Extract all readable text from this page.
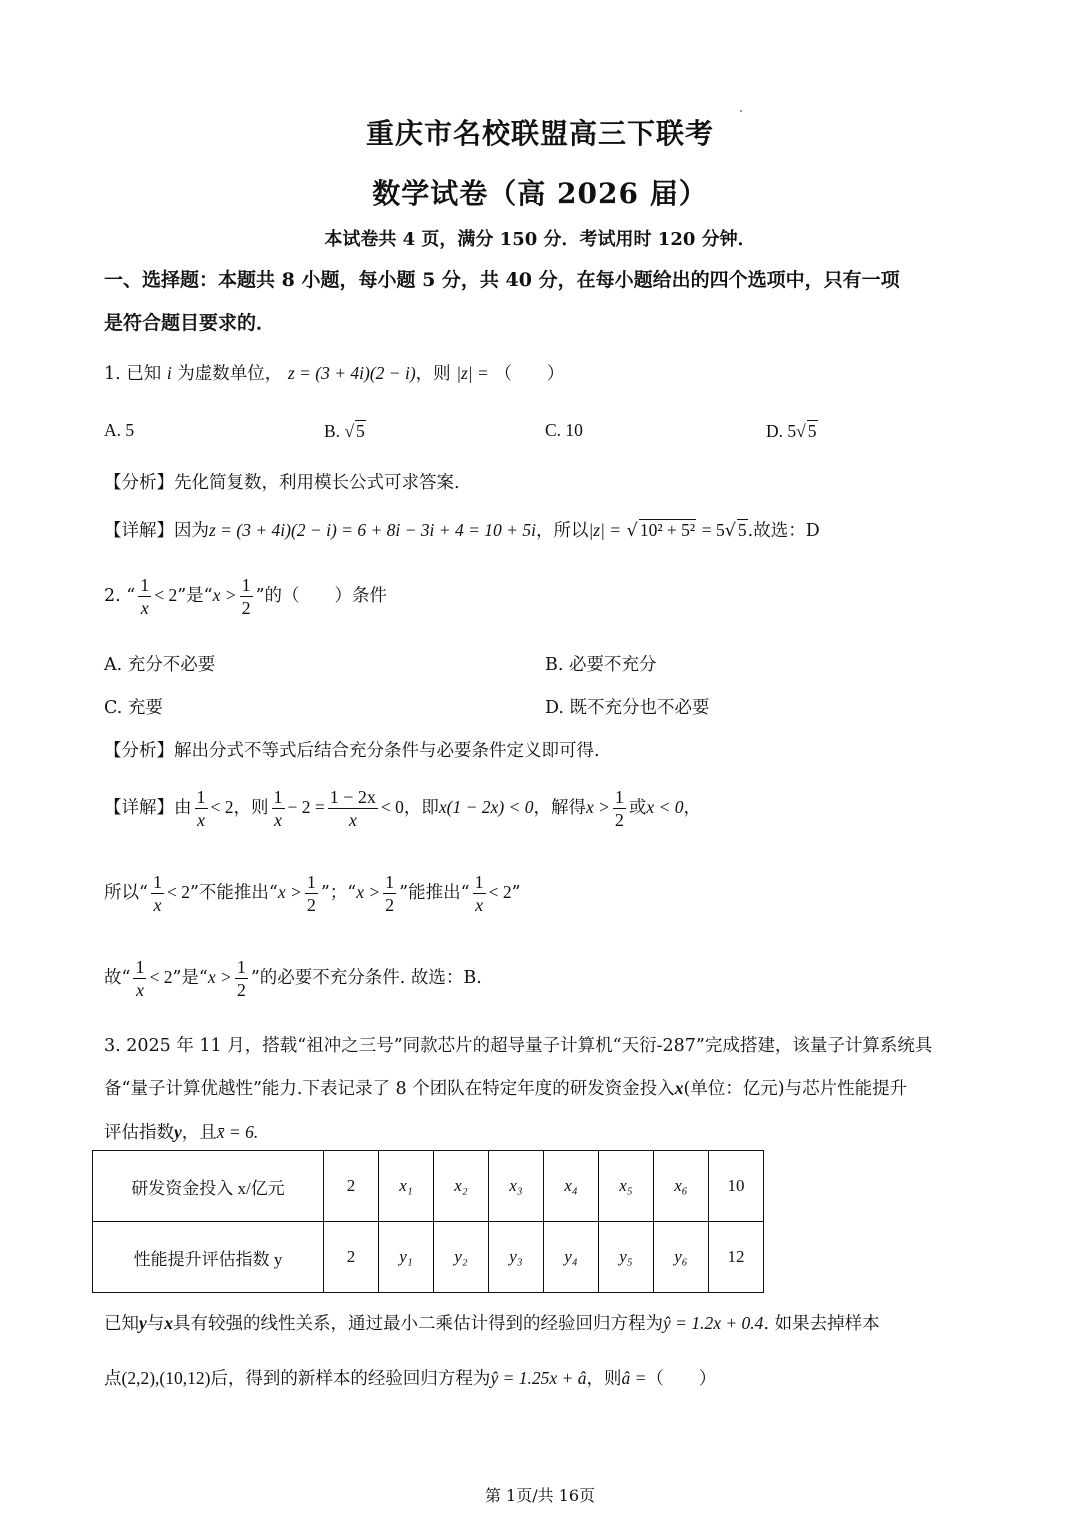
重庆市名校联盟高三下联考
数学试卷（高 2026 届）
本试卷共 4 页，满分 150 分．考试用时 120 分钟．
一、选择题：本题共 8 小题，每小题 5 分，共 40 分，在每小题给出的四个选项中，只有一项
是符合题目要求的．
1. 已知 i 为虚数单位， z = (3 + 4i)(2 − i)，则 |z| = （　　）
A. 5	B. √ 5	C. 10	D. 5√ 5
【分析】先化简复数，利用模长公式可求答案.
【详解】因为z = (3 + 4i)(2 − i) = 6 + 8i − 3i + 4 = 10 + 5i，所以|z| = √ 10² + 5² = 5√ 5.故选：D
2. “ $\frac{1}{x} < 2$”是“$x > \frac{1}{2}$ ”的（　　）条件
A. 充分不必要	B. 必要不充分
C. 充要	D. 既不充分也不必要
【分析】解出分式不等式后结合充分条件与必要条件定义即可得.
【详解】由 $\frac{1}{x} < 2$，则 $\frac{1}{x} - 2 = \frac{1 - 2x}{x} < 0$，即x(1 − 2x) < 0，解得$x > \frac{1}{2}$ 或x < 0，
所以“ $\frac{1}{x} < 2$”不能推出“$x > \frac{1}{2}$ ”；“$x > \frac{1}{2}$ ”能推出“ $\frac{1}{x} < 2$”
故“ $\frac{1}{x} < 2$”是“$x > \frac{1}{2}$ ”的必要不充分条件. 故选：B.
3. 2025 年 11 月，搭载“祖冲之三号”同款芯片的超导量子计算机“天衍-287”完成搭建，该量子计算系统具
备“量子计算优越性”能力.下表记录了 8 个团队在特定年度的研发资金投入x(单位：亿元)与芯片性能提升
评估指数y，且x̄ = 6.
研发资金投入 x/亿元	2	x₁	x₂	x₃	x₄	x₅	x₆	10
性能提升评估指数 y	2	y₁	y₂	y₃	y₄	y₅	y₆	12
已知y与x具有较强的线性关系，通过最小二乘估计得到的经验回归方程为ŷ = 1.2x + 0.4. 如果去掉样本
点(2,2),(10,12)后，得到的新样本的经验回归方程为ŷ = 1.25x + â，则â =（　　）
第 1页/共 16页
